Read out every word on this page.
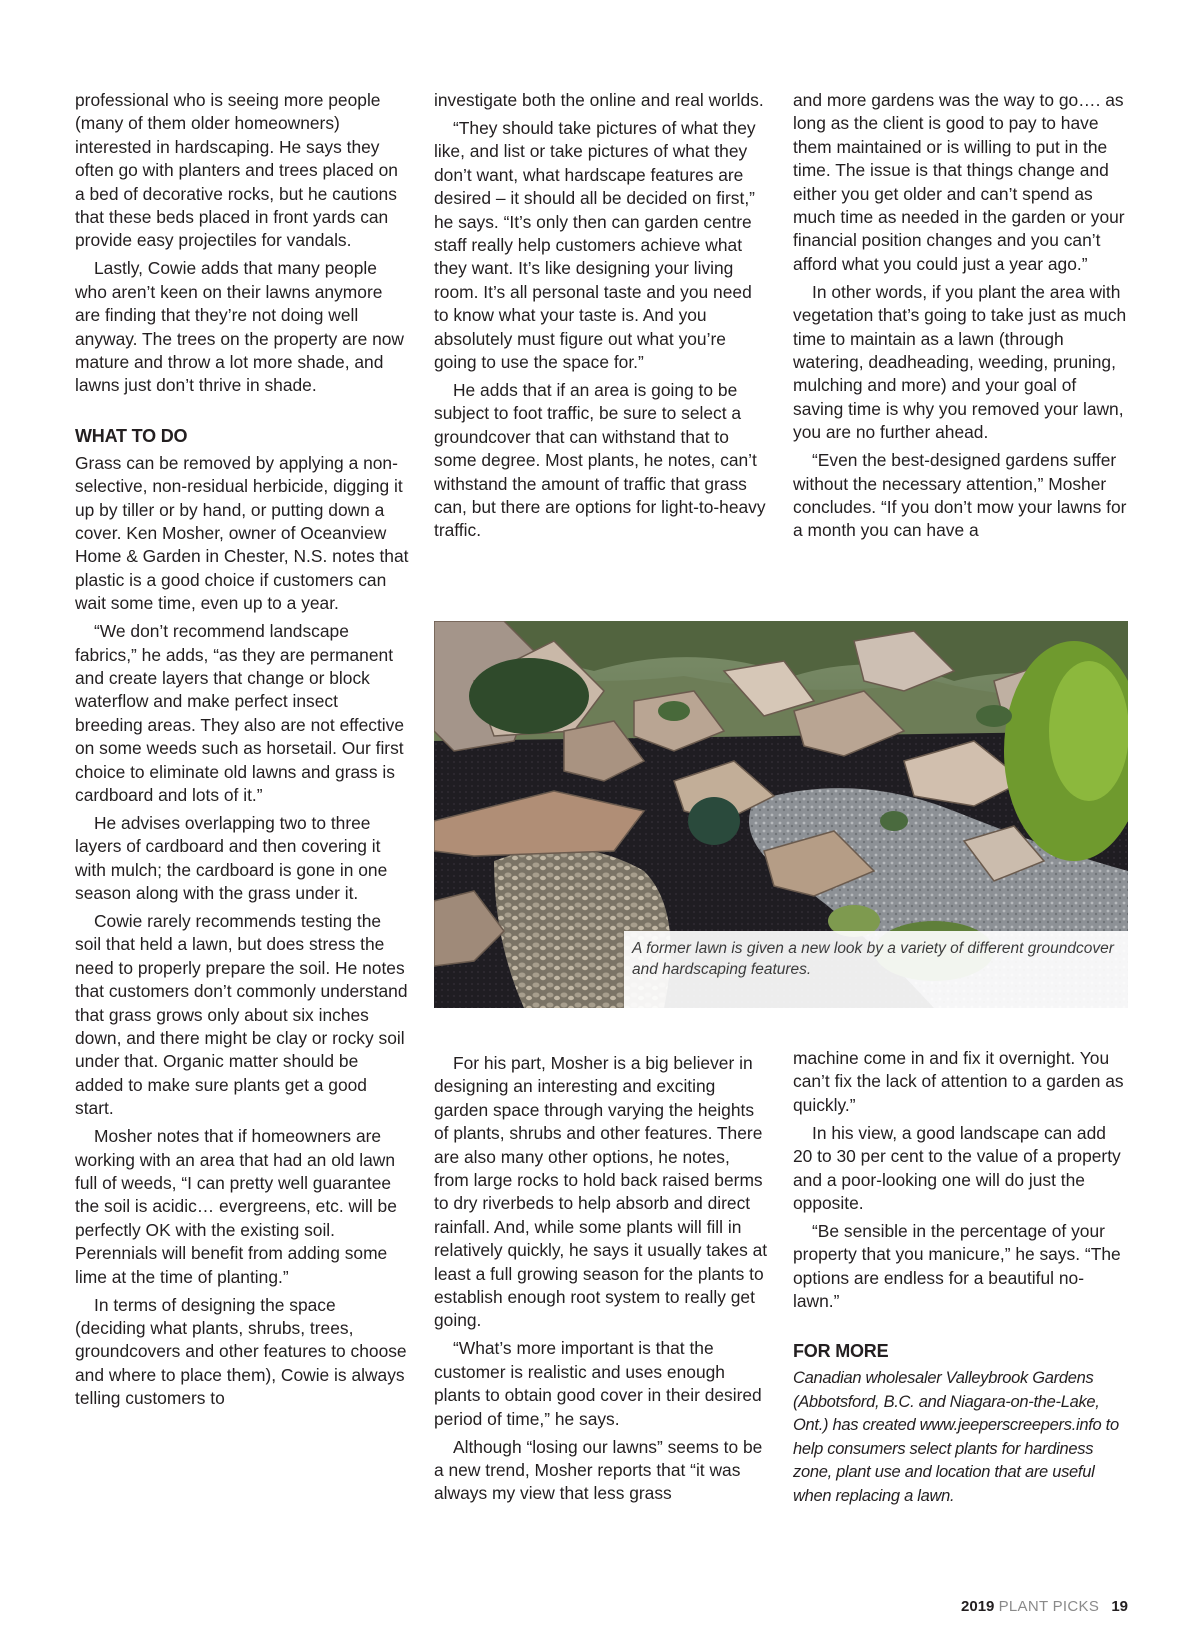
professional who is seeing more people (many of them older homeowners) interested in hardscaping. He says they often go with planters and trees placed on a bed of decorative rocks, but he cautions that these beds placed in front yards can provide easy projectiles for vandals.

Lastly, Cowie adds that many people who aren’t keen on their lawns anymore are finding that they’re not doing well anyway. The trees on the property are now mature and throw a lot more shade, and lawns just don’t thrive in shade.

WHAT TO DO

Grass can be removed by applying a non-selective, non-residual herbicide, digging it up by tiller or by hand, or putting down a cover. Ken Mosher, owner of Oceanview Home & Garden in Chester, N.S. notes that plastic is a good choice if customers can wait some time, even up to a year.

“We don’t recommend landscape fabrics,” he adds, “as they are permanent and create layers that change or block waterflow and make perfect insect breeding areas. They also are not effective on some weeds such as horsetail. Our first choice to eliminate old lawns and grass is cardboard and lots of it.”

He advises overlapping two to three layers of cardboard and then covering it with mulch; the cardboard is gone in one season along with the grass under it.

Cowie rarely recommends testing the soil that held a lawn, but does stress the need to properly prepare the soil. He notes that customers don’t commonly understand that grass grows only about six inches down, and there might be clay or rocky soil under that. Organic matter should be added to make sure plants get a good start.

Mosher notes that if homeowners are working with an area that had an old lawn full of weeds, “I can pretty well guarantee the soil is acidic… evergreens, etc. will be perfectly OK with the existing soil. Perennials will benefit from adding some lime at the time of planting.”

In terms of designing the space (deciding what plants, shrubs, trees, groundcovers and other features to choose and where to place them), Cowie is always telling customers to

investigate both the online and real worlds.

“They should take pictures of what they like, and list or take pictures of what they don’t want, what hardscape features are desired – it should all be decided on first,” he says. “It’s only then can garden centre staff really help customers achieve what they want. It’s like designing your living room. It’s all personal taste and you need to know what your taste is. And you absolutely must figure out what you’re going to use the space for.”

He adds that if an area is going to be subject to foot traffic, be sure to select a groundcover that can withstand that to some degree. Most plants, he notes, can’t withstand the amount of traffic that grass can, but there are options for light-to-heavy traffic.

and more gardens was the way to go…. as long as the client is good to pay to have them maintained or is willing to put in the time. The issue is that things change and either you get older and can’t spend as much time as needed in the garden or your financial position changes and you can’t afford what you could just a year ago.”

In other words, if you plant the area with vegetation that’s going to take just as much time to maintain as a lawn (through watering, deadheading, weeding, pruning, mulching and more) and your goal of saving time is why you removed your lawn, you are no further ahead.

“Even the best-designed gardens suffer without the necessary attention,” Mosher concludes. “If you don’t mow your lawns for a month you can have a

A former lawn is given a new look by a variety of different groundcover and hardscaping features.

For his part, Mosher is a big believer in designing an interesting and exciting garden space through varying the heights of plants, shrubs and other features. There are also many other options, he notes, from large rocks to hold back raised berms to dry riverbeds to help absorb and direct rainfall. And, while some plants will fill in relatively quickly, he says it usually takes at least a full growing season for the plants to establish enough root system to really get going.

“What’s more important is that the customer is realistic and uses enough plants to obtain good cover in their desired period of time,” he says.

Although “losing our lawns” seems to be a new trend, Mosher reports that “it was always my view that less grass

machine come in and fix it overnight. You can’t fix the lack of attention to a garden as quickly.”

In his view, a good landscape can add 20 to 30 per cent to the value of a property and a poor-looking one will do just the opposite.

“Be sensible in the percentage of your property that you manicure,” he says. “The options are endless for a beautiful no-lawn.”

FOR MORE

Canadian wholesaler Valleybrook Gardens (Abbotsford, B.C. and Niagara-on-the-Lake, Ont.) has created www.jeeperscreepers.info to help consumers select plants for hardiness zone, plant use and location that are useful when replacing a lawn.

2019 PLANT PICKS 19
